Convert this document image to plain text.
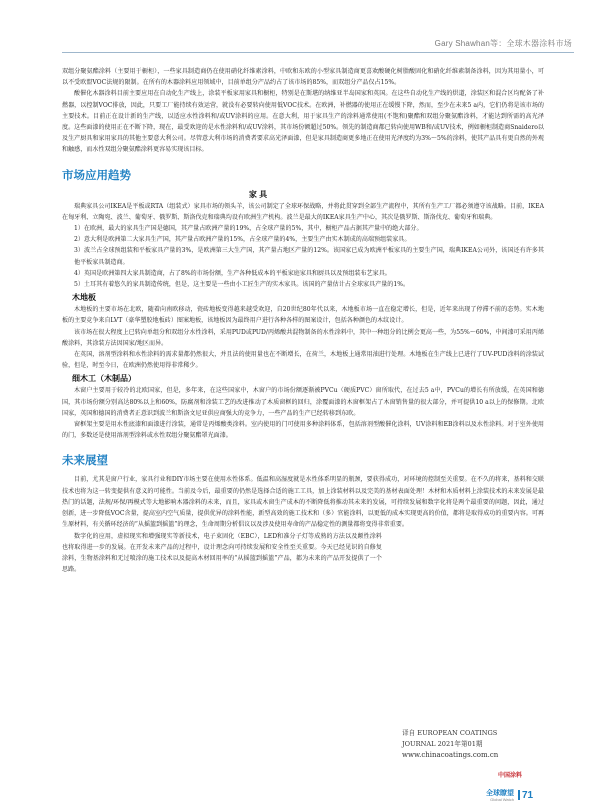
Gary Shawhan等：全球木器涂料市场

双组分聚氨酯涂料（主要用于橱柜），一些家具制造商仍在使用硝化纤维素涂料，中欧和东欧的小型家具制造商更喜欢酸硬化树脂酸固化和硝化纤维素制备涂料，因为其用量小，可以不受欧盟VOC法规的限制。在所有的木器涂料应用领域中，目前单组分产品约占了该市场的85%，而双组分产品仅占15%。

酸催化木器涂料目前主要应用在自动化生产线上，涂装平板家用家具和橱柜，特别是在斯堪的纳维亚半岛国家和英国。在这些自动化生产线的烘道，涂装区和混合区均配备了补燃器，以控制VOC排放，因此，只要工厂能持续有效运营，就没有必要转向使用低VOC技术。在欧洲，补燃器的使用正在缓慢下降，然而，至少在未来5 a内，它们仍将是该市场的主要技术。目前正在设计新的生产线，以适应水性涂料和/或UV涂料的应用。在意大利，用于家具生产的涂料通常使用(不饱和)聚酯和双组分聚氨酯涂料，才能达到所需的高光泽度。这些面漆的使用正在不断下降，现在，最受欢迎的是水性涂料和/或UV涂料，其市场份额超过50%。领先的制造商都已转向使用WB和/或UV技术，例如橱柜制造商Snaidero以及生产厨具和家用家具的其他主要意大利公司。尽管意大利市场的消费者要求高光泽面漆，但是家具制造商更多地正在使用光泽度约为3%～5%的涂料，使其产品具有更自然的外观和触感，而水性双组分聚氨酯涂料更容易实现该目标。

市场应用趋势
家 具

瑞典家具公司IKEA是平板或RTA（组装式）家具市场的领头羊，该公司制定了全球环保战略，并将此贯穿到全部生产流程中，其所有生产工厂都必须遵守该战略。目前，IKEA在匈牙利、立陶宛、波兰、葡萄牙、俄罗斯、斯洛伐克和瑞典均设有欧洲生产机构。波兰是最大的IKEA家具生产中心，其次是俄罗斯、斯洛伐克、葡萄牙和瑞典。

1）在欧洲，最大的家具生产国是德国，其产量占欧洲产量的19%，占全球产量的5%，其中，橱柜产品占据其产量中的绝大部分。

2）意大利是欧洲第二大家具生产国，其产量占欧洲产量的15%，占全球产量的4%，主要生产由实木制成的高端预组装家具。

3）波兰占全球预组装和平板家具产量的3%，是欧洲第三大生产国，其产量占地区产量的12%。该国家已成为欧洲平板家具的主要生产国，瑞典IKEA公司外，该国还有许多其他平板家具制造商。

4）英国是欧洲第四大家具制造商，占了8%的市场份额，生产各种低成本的平板家庭家具和厨具以及预组装布艺家具。

5）土耳其有着悠久的家具制造传统，但是，这主要是一些由小工匠生产的实木家具。该国的产量估计占全球家具产量的1%。

木地板

木地板的主要市场在北欧，随着向南欧移动，瓷砖地板变得越来越受欢迎，自20世纪80年代以来，木地板市场一直在稳定增长，但是，近年来出现了停滞不前的态势。实木地板的主要竞争来自LVT（豪华塑胶地板砖）图案地板，该地板因为最终用户进行各种各样的图案设计，包括各种颜色的木纹设计。

该市场在很大程度上已转向单组分和双组分水性涂料，采用PUD或PUD/丙烯酸共混物制备的水性涂料中，其中一种组分的比例会更高一些，为55%～60%，中间漆可采用丙烯酸涂料，其涂装方法因国家/地区而异。

在英国，溶剂型涂料和水性涂料的需求量都仍然很大，并且法的使用量也在不断增长，在荷兰，木地板上通常用油进行处理。木地板在生产线上已进行了UV-PUD涂料的涂装试验，但是，时至今日，在欧洲仍然使用得非常稀少。

细木工（木制品）

木窗户主要用于较冷的北欧国家，但是，多年来，在这些国家中，木窗户的市场份额逐渐被PVCu（硬质PVC）窗所取代，在过去5 a中，PVCu的增长有所放缓，在英国和德国，其市场份额分别高达80%以上和60%，防腐剂和涂装工艺的改进推动了木质窗框的回归，涂覆面漆的木窗框架占了木窗销售量的很大部分，并可提供10 a以上的保修期。北欧国家，英国和德国的消费者正意识到波兰和斯洛文尼亚供应商强大的竞争力，一些产品的生产已经转移到东欧。

窗框架主要是用水性底漆和面漆进行涂装，通常是丙烯酸类涂料。室内使用的门可使用多种涂料体系，包括溶剂型酸催化涂料，UV涂料和EB涂料以及水性涂料。对于室外使用的门，多数还是使用溶剂型涂料或水性双组分聚氨酯罩光面漆。

未来展望

目前，尤其是窗户行业，家具行业和DIY市场主要在使用水性体系。低温和高湿度就是水性体系明显的瓶颈，要获得成功，对环境的控制至关重要。在不久的将来，基料和交联技术也将为这一转变提供有意义的可能性。当前及今后，最重要的仍然是选择合适的施工工具，加上涂装材料以及完美的基材表面处理！木材和木质材料上涂装技术的未来发展是最热门的话题，法规/环保/再模式等大地影响木器涂料的未来，而且，家具或木窗生产成本的不断降低将推动其未来的发展，可持续发展和数字化将是两个最重要的问题，因此，通过创新，进一步降低VOC含量，提高室内空气质量，提供优异的涂料性能，新型高效的施工技术和（多）官能涂料，以更低的成本实现更高的价值，都将是取得成功的重要内容。可再生原材料，有关循环经济的“从摇篮到摇篮”的理念，生命周期分析倡议以及涉及使用寿命的产品稳定性的测量都将变得非常重要。

数字化的应用，虚拟现实和增强现实等新技术，电子束固化（EBC），LED和准分子灯等成熟的方法以及颠性涂料也将取得进一步的发展。在开发未来产品的过程中，设计理念向可持续发展和安全性至关重要。今天已经见识的自修复涂料，生物基涂料和无过喷涂的施工技术以及提高木材回用率的“从摇篮到摇篮”产品，都为未来的产品开发提供了一个思路。

译自 EUROPEAN COATINGS
JOURNAL 2021年第01期
www.chinacoatings.com.cn
中国涂料
全球瞭望
Global Watch 71
